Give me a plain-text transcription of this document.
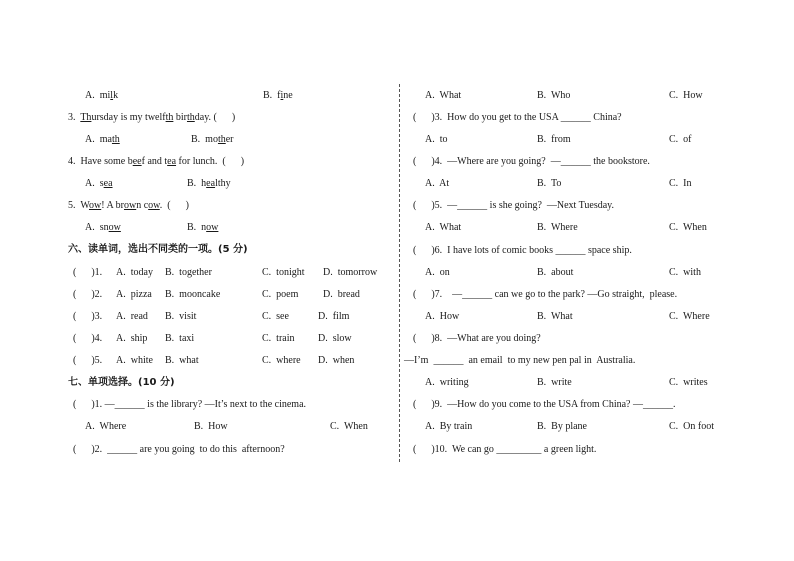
A. milk	B. fine
3. Thursday is my twelfth birthday. (      )
A. math	B. mother
4. Have some beef and tea for lunch.  (      )
A. sea	B. healthy
5. Wow! A brown cow.  (      )
A. snow	B. now
六、读单词，选出不同类的一项。(5 分)
(      )1. A.  today B.  together	C.  tonight D.  tomorrow
(      )2. A.  pizza B.  mooncake	C.  poem D.  bread
(      )3. A.  read B.  visit	C.  see	D.  film
(      )4. A.  ship B.  taxi	C.  train D.  slow
(      )5. A.  white B.  what	C.  where D.  when
七、单项选择。(10 分)
(      )1. —______ is the library? —It’s next to the cinema.
A.  Where	B.  How	C.  When
(      )2.  ______ are you going  to do this  afternoon?
A.  What	B.  Who	C.  How
(      )3.  How do you get to the USA ______ China?
A.  to	B.  from	C.  of
(      )4.  —Where are you going?  —______ the bookstore.
A.  At	B.  To	C.  In
(      )5.  —______ is she going?  —Next Tuesday.
A.  What	B.  Where	C.  When
(      )6.  I have lots of comic books ______ space ship.
A.  on	B.  about	C.  with
(      )7.    —______ can we go to the park? —Go straight,  please.
A.  How	B.  What	C.  Where
(      )8.  —What are you doing?
—I’m  ______  an email  to my new pen pal in  Australia.
A.  writing	B.  write	C.  writes
(      )9.  —How do you come to the USA from China? —______.
A.  By train	B.  By plane	C.  On foot
(      )10.  We can go _________ a green light.
